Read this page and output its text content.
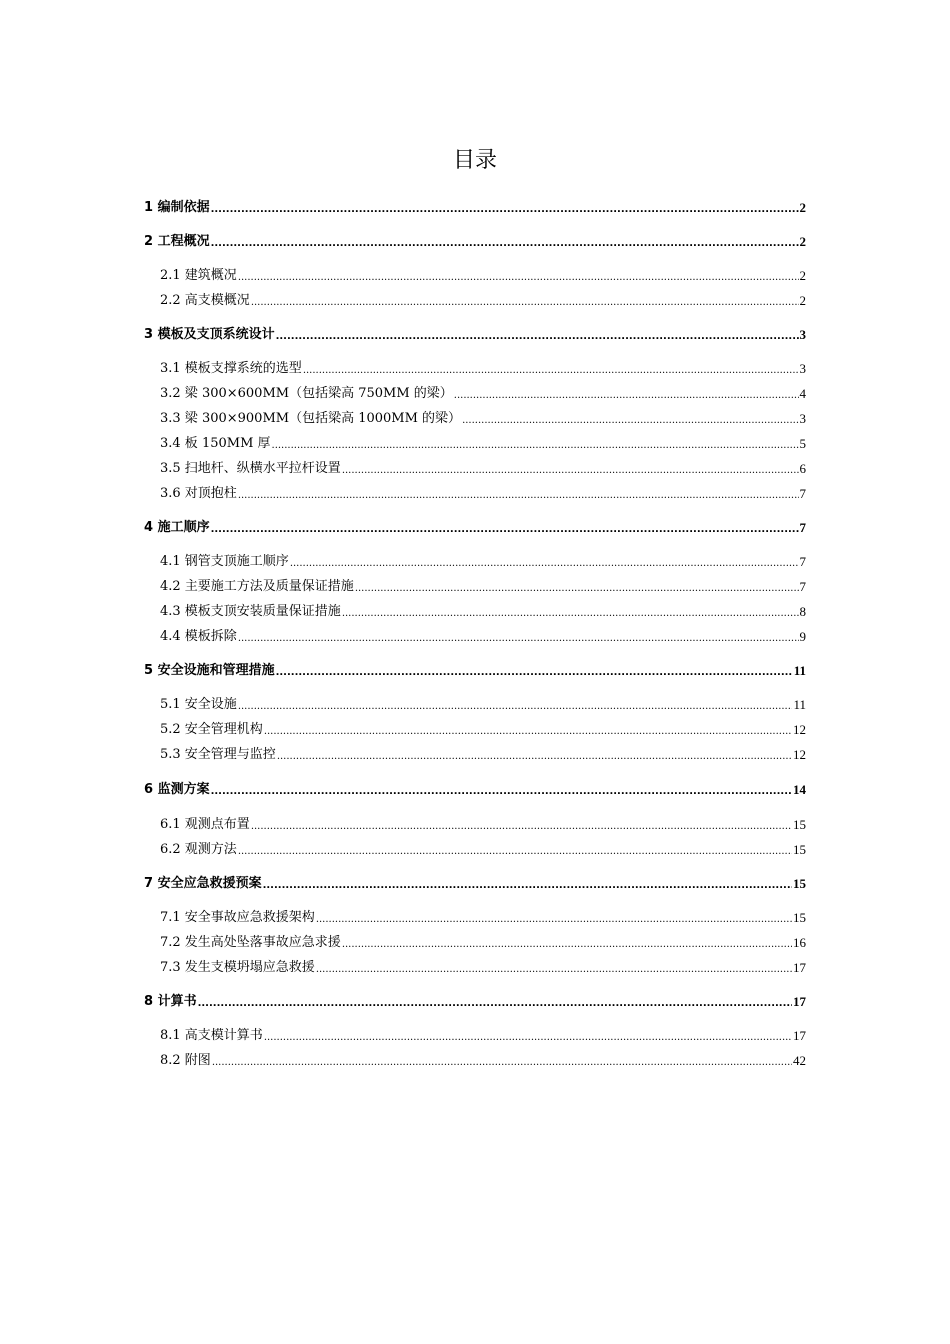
目录
1 编制依据 .....	2
2 工程概况 .....	2
2.1 建筑概况 .....	2
2.2 高支模概况 .....	2
3 模板及支顶系统设计 .....	3
3.1 模板支撑系统的选型 .....	3
3.2 梁 300×600MM（包括梁高 750MM 的梁） .....	4
3.3 梁 300×900MM（包括梁高 1000MM 的梁） .....	3
3.4 板 150MM 厚 .....	5
3.5 扫地杆、纵横水平拉杆设置 .....	6
3.6 对顶抱柱 .....	7
4 施工顺序 .....	7
4.1 钢管支顶施工顺序 .....	7
4.2 主要施工方法及质量保证措施 .....	7
4.3 模板支顶安装质量保证措施 .....	8
4.4 模板拆除 .....	9
5 安全设施和管理措施 .....	11
5.1 安全设施 .....	11
5.2 安全管理机构 .....	12
5.3 安全管理与监控 .....	12
6 监测方案 .....	14
6.1 观测点布置 .....	15
6.2 观测方法 .....	15
7 安全应急救援预案 .....	15
7.1 安全事故应急救援架构 .....	15
7.2 发生高处坠落事故应急求援 .....	16
7.3 发生支模坍塌应急救援 .....	17
8 计算书 .....	17
8.1 高支模计算书 .....	17
8.2 附图 .....	42
